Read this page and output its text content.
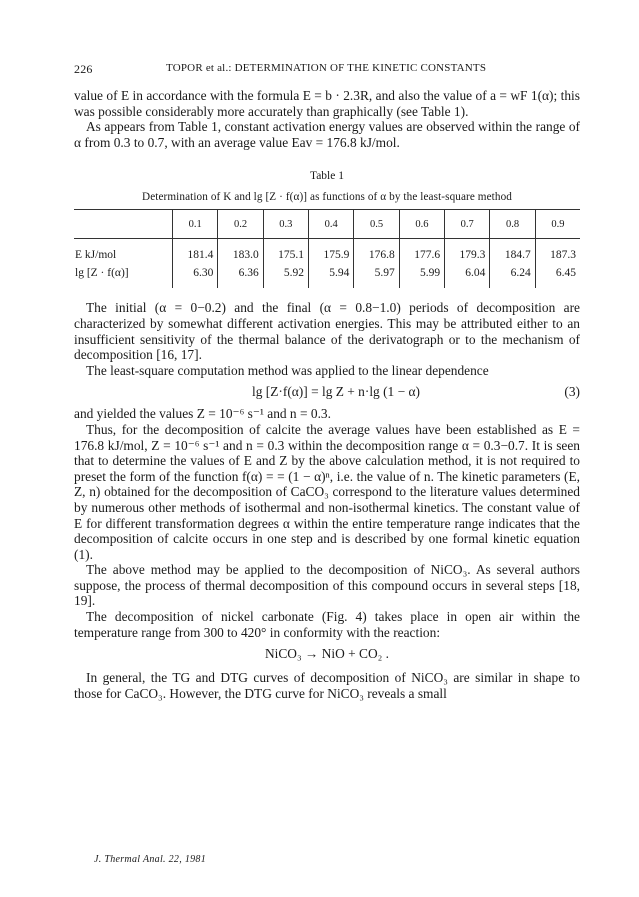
226	TOPOR et al.: DETERMINATION OF THE KINETIC CONSTANTS

value of E in accordance with the formula E = b · 2.3R, and also the value of a = wF 1(α); this was possible considerably more accurately than graphically (see Table 1).

As appears from Table 1, constant activation energy values are observed within the range of α from 0.3 to 0.7, with an average value Eav = 176.8 kJ/mol.

Table 1
Determination of K and lg [Z · f(α)] as functions of α by the least-square method
	0.1	0.2	0.3	0.4	0.5	0.6	0.7	0.8	0.9
E kJ/mol	181.4	183.0	175.1	175.9	176.8	177.6	179.3	184.7	187.3
lg [Z · f(α)]	6.30	6.36	5.92	5.94	5.97	5.99	6.04	6.24	6.45

The initial (α = 0−0.2) and the final (α = 0.8−1.0) periods of decomposition are characterized by somewhat different activation energies. This may be attributed either to an insufficient sensitivity of the thermal balance of the derivatograph or to the mechanism of decomposition [16, 17].

The least-square computation method was applied to the linear dependence

lg [Z·f(α)] = lg Z + n·lg (1 − α)	(3)

and yielded the values Z = 10⁻⁶ s⁻¹ and n = 0.3.

Thus, for the decomposition of calcite the average values have been established as E = 176.8 kJ/mol, Z = 10⁻⁶ s⁻¹ and n = 0.3 within the decomposition range α = 0.3−0.7. It is seen that to determine the values of E and Z by the above calculation method, it is not required to preset the form of the function f(α) = = (1 − α)ⁿ, i.e. the value of n. The kinetic parameters (E, Z, n) obtained for the decomposition of CaCO₃ correspond to the literature values determined by numerous other methods of isothermal and non-isothermal kinetics. The constant value of E for different transformation degrees α within the entire temperature range indicates that the decomposition of calcite occurs in one step and is described by one formal kinetic equation (1).

The above method may be applied to the decomposition of NiCO₃. As several authors suppose, the process of thermal decomposition of this compound occurs in several steps [18, 19].

The decomposition of nickel carbonate (Fig. 4) takes place in open air within the temperature range from 300 to 420° in conformity with the reaction:

NiCO₃ → NiO + CO₂ .

In general, the TG and DTG curves of decomposition of NiCO₃ are similar in shape to those for CaCO₃. However, the DTG curve for NiCO₃ reveals a small

J. Thermal Anal. 22, 1981
